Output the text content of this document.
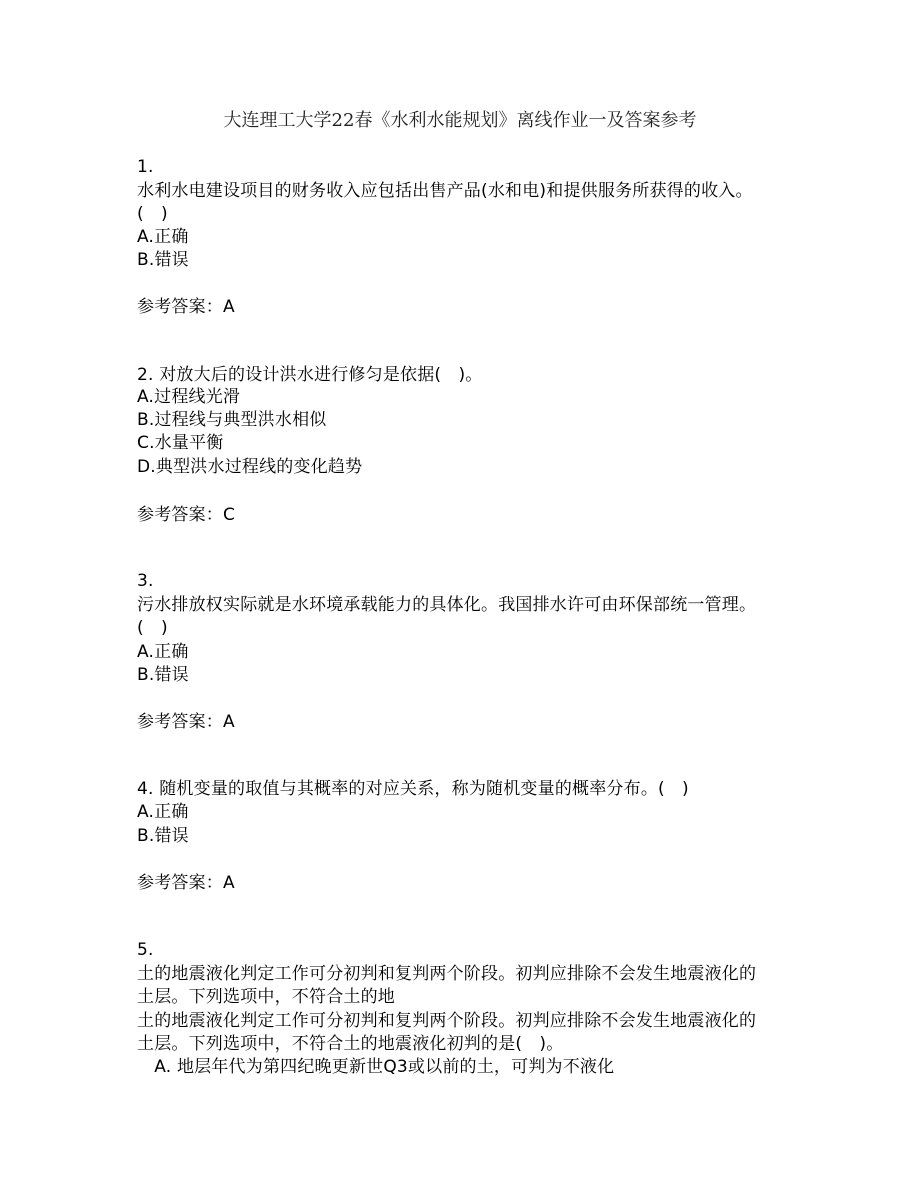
大连理工大学22春《水利水能规划》离线作业一及答案参考
1.
水利水电建设项目的财务收入应包括出售产品(水和电)和提供服务所获得的收入。
(　)
A.正确
B.错误
参考答案：A
2. 对放大后的设计洪水进行修匀是依据(　)。
A.过程线光滑
B.过程线与典型洪水相似
C.水量平衡
D.典型洪水过程线的变化趋势
参考答案：C
3.
污水排放权实际就是水环境承载能力的具体化。我国排水许可由环保部统一管理。
(　)
A.正确
B.错误
参考答案：A
4. 随机变量的取值与其概率的对应关系，称为随机变量的概率分布。(　)
A.正确
B.错误
参考答案：A
5.
土的地震液化判定工作可分初判和复判两个阶段。初判应排除不会发生地震液化的
土层。下列选项中，不符合土的地
土的地震液化判定工作可分初判和复判两个阶段。初判应排除不会发生地震液化的
土层。下列选项中，不符合土的地震液化初判的是(　)。
　A. 地层年代为第四纪晚更新世Q3或以前的土，可判为不液化
